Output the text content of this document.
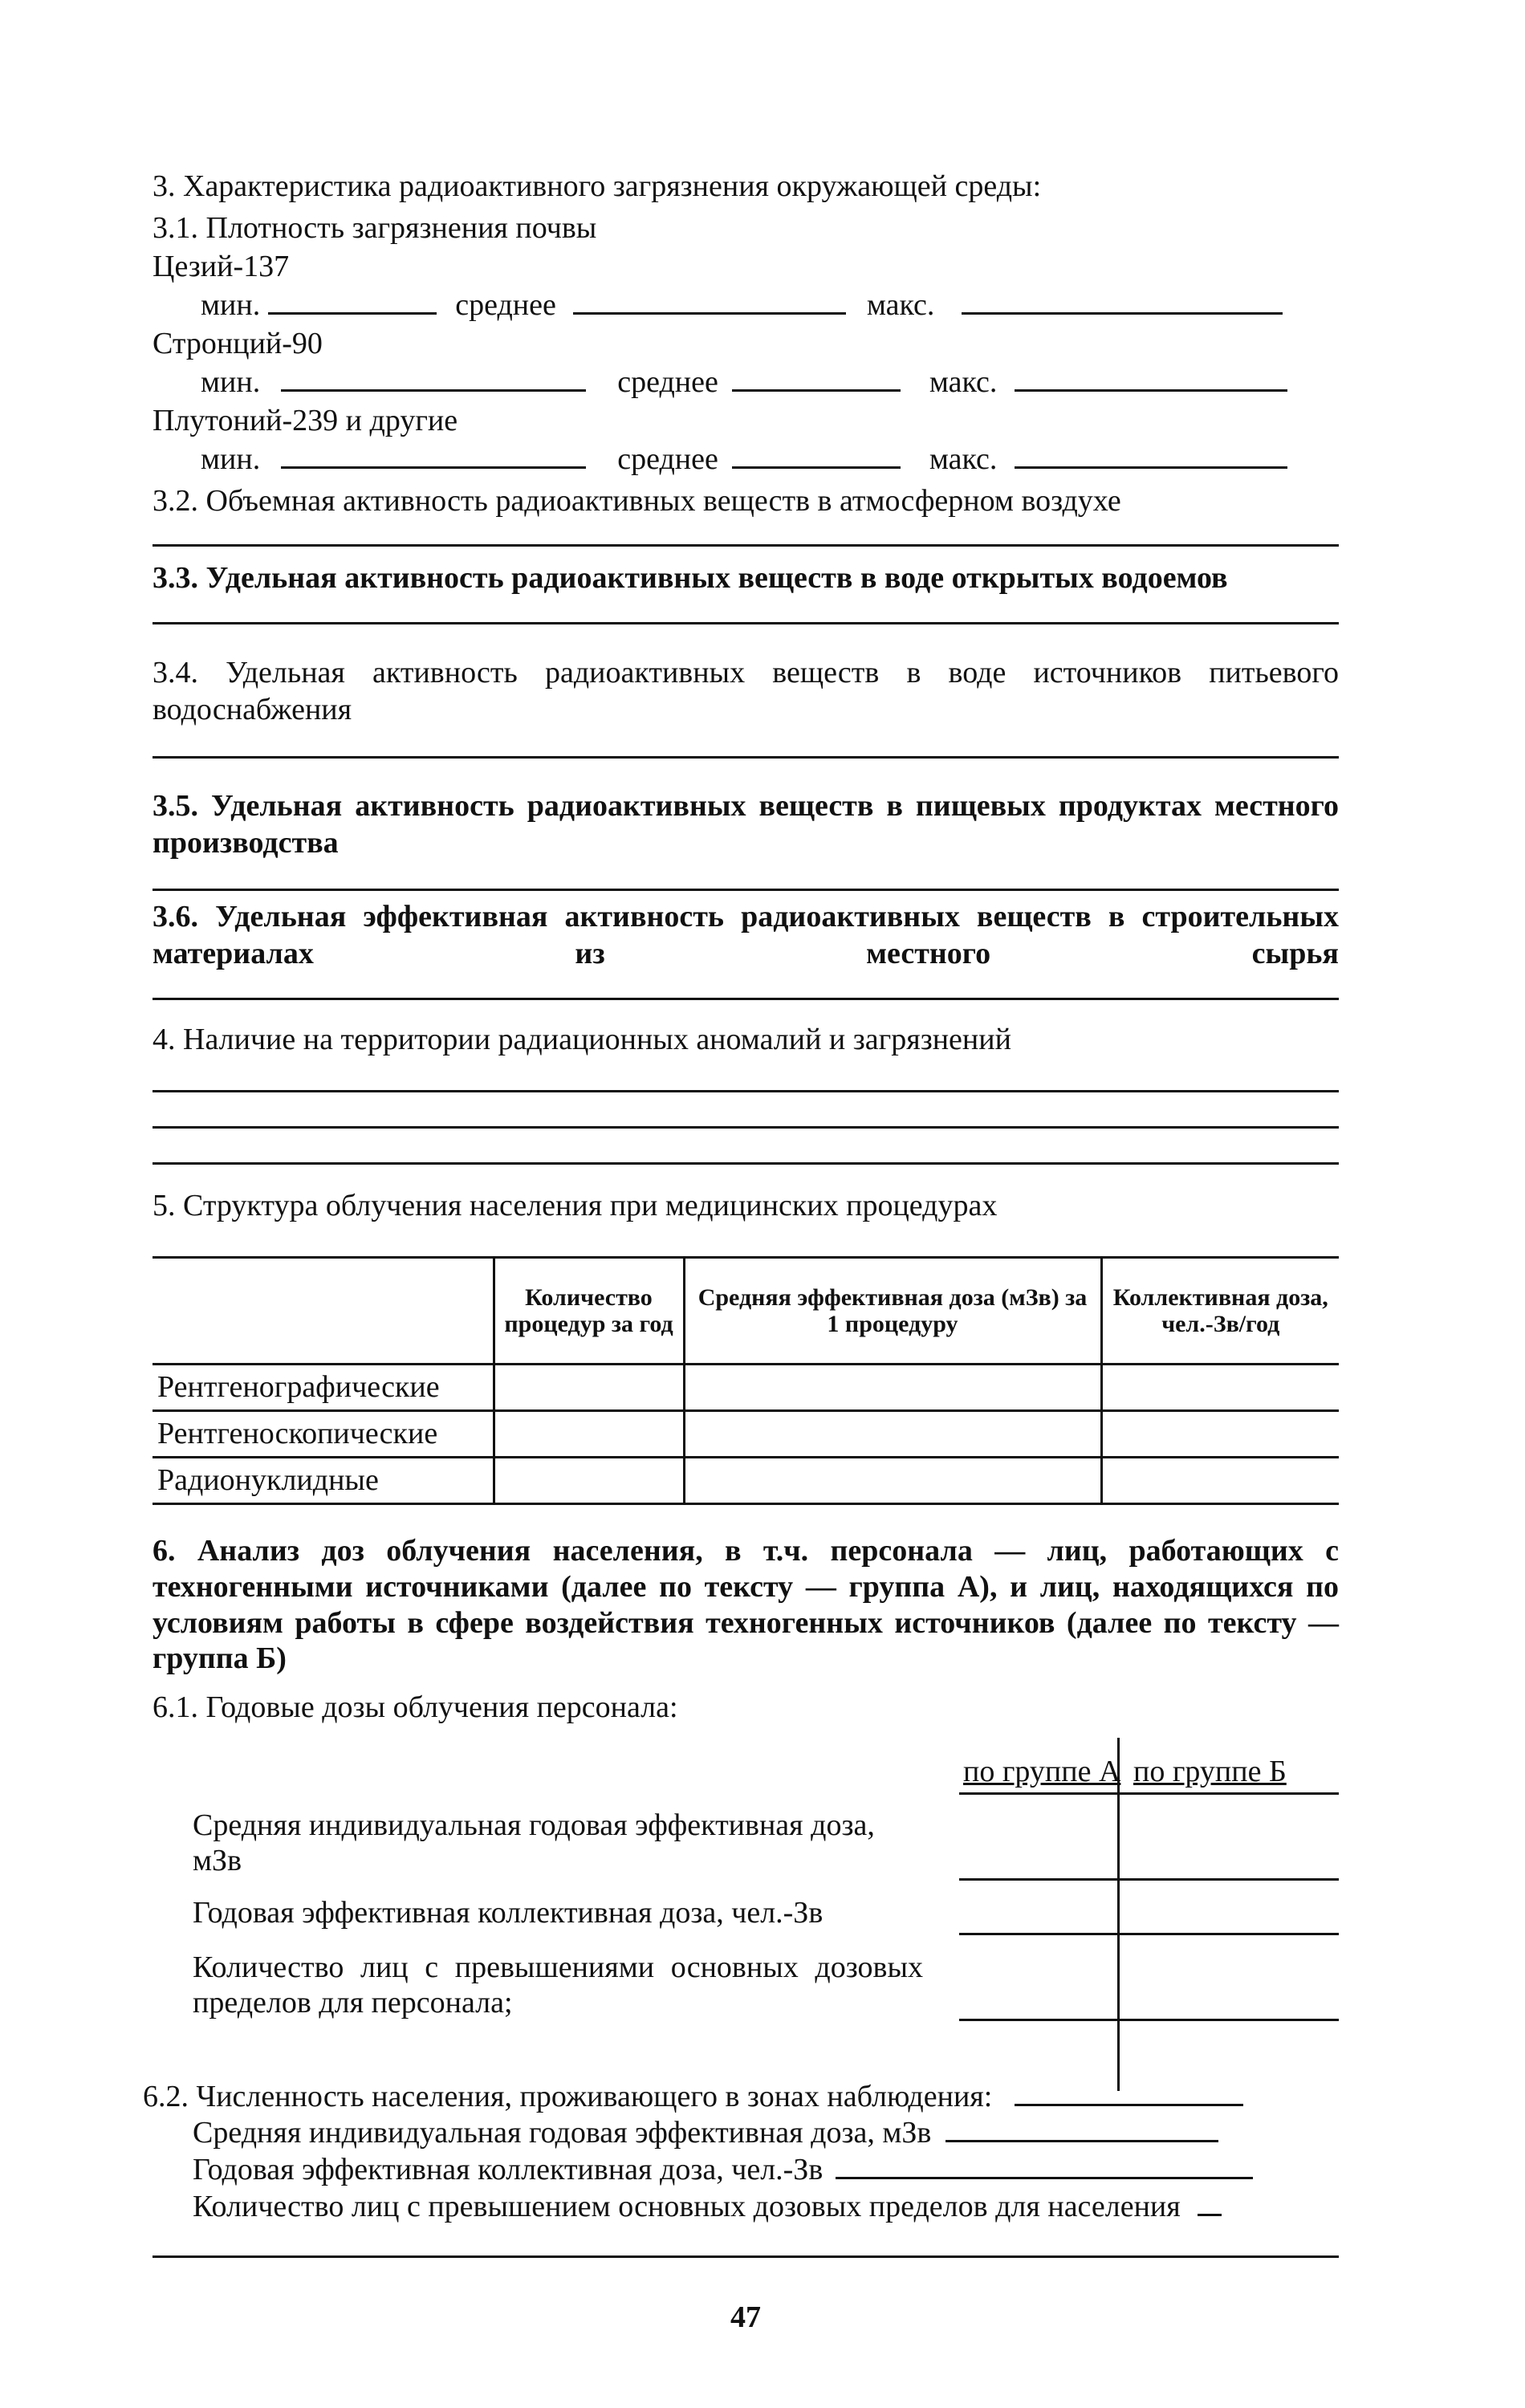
3. Характеристика радиоактивного загрязнения окружающей среды:
3.1. Плотность загрязнения почвы
Цезий-137
мин.	среднее	макс.
Стронций-90
мин.	среднее	макс.
Плутоний-239 и другие
мин.	среднее	макс.
3.2. Объемная активность радиоактивных веществ в атмосферном воздухе
3.3. Удельная активность радиоактивных веществ в воде открытых водоемов
3.4. Удельная активность радиоактивных веществ в воде источников питьевого водоснабжения
3.5. Удельная активность радиоактивных веществ в пищевых продуктах местного производства
3.6. Удельная эффективная активность радиоактивных веществ в строительных материалах из местного сырья
4. Наличие на территории радиационных аномалий и загрязнений
5. Структура облучения населения при медицинских процедурах
	Количество процедур за год	Средняя эффективная доза (мЗв) за 1 процедуру	Коллективная доза, чел.-Зв/год
Рентгенографические			
Рентгеноскопические			
Радионуклидные			
6. Анализ доз облучения населения, в т.ч. персонала — лиц, работающих с техногенными источниками (далее по тексту — группа А), и лиц, находящихся по условиям работы в сфере воздействия техногенных источников (далее по тексту — группа Б)
6.1. Годовые дозы облучения персонала:
по группе А по группе Б
Средняя индивидуальная годовая эффективная доза, мЗв
Годовая эффективная коллективная доза, чел.-Зв
Количество лиц с превышениями основных дозовых пределов для персонала;
6.2. Численность населения, проживающего в зонах наблюдения:
Средняя индивидуальная годовая эффективная доза, мЗв
Годовая эффективная коллективная доза, чел.-Зв
Количество лиц с превышением основных дозовых пределов для населения
47
